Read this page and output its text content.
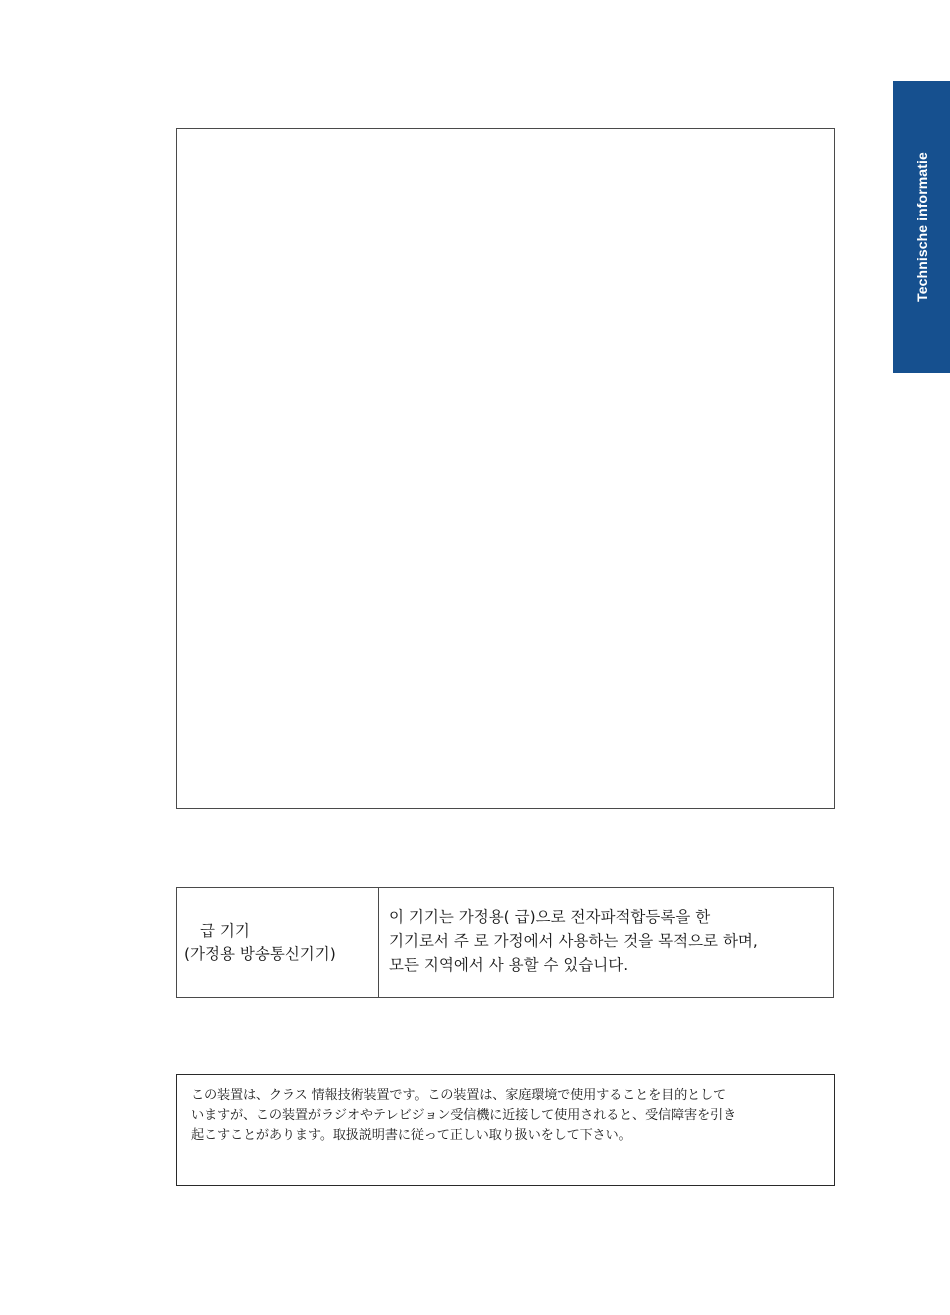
Technische informatie
급 기기
(가정용 방송통신기기)
이 기기는 가정용( 급)으로 전자파적합등록을 한
기기로서 주 로 가정에서 사용하는 것을 목적으로 하며,
모든 지역에서 사 용할 수 있습니다.
この装置は、クラス 情報技術装置です。この装置は、家庭環境で使用することを目的として
いますが、この装置がラジオやテレビジョン受信機に近接して使用されると、受信障害を引き
起こすことがあります。取扱説明書に従って正しい取り扱いをして下さい。
